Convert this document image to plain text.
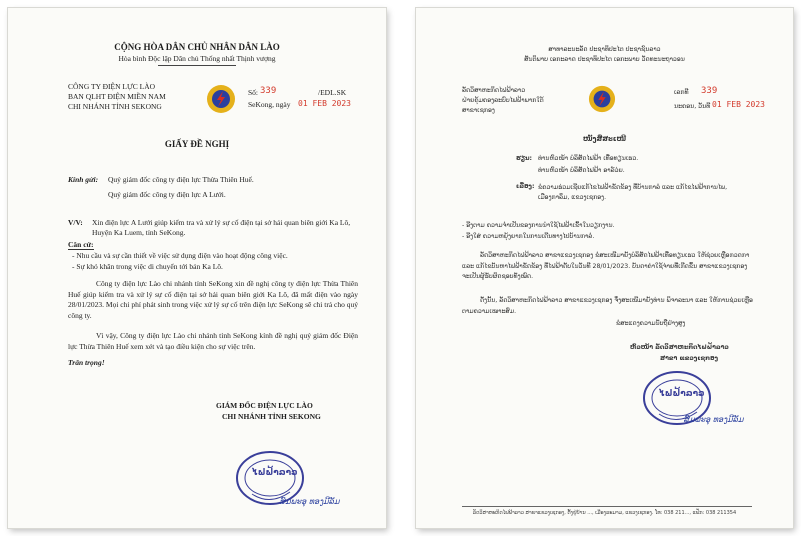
CỘNG HÒA DÂN CHỦ NHÂN DÂN LÀO
Hòa bình Độc lập Dân chủ Thống nhất Thịnh vượng
CÔNG TY ĐIỆN LỰC LÀO
BAN QLHT ĐIỆN MIỀN NAM
CHI NHÁNH TỈNH SEKONG
Số: 339	/EDL.SK
SeKong, ngày 01 FEB 2023
GIẤY ĐỀ NGHỊ
Kính gửi: Quý giám đốc công ty điện lực Thừa Thiên Huế.
Quý giám đốc công ty điện lực A Lưới.
V/V: Xin điện lực A Lưới giúp kiểm tra và xử lý sự cố điện tại sở hải quan biên giới Ka Lô, Huyện Ka Luem, tỉnh SeKong.
Căn cứ:
- Nhu cầu và sự cần thiết về việc sử dụng điện vào hoạt động công việc.
- Sự khó khăn trong việc di chuyển tới bản Ka Lô.
Công ty điện lực Lào chi nhánh tỉnh SeKong xin đề nghị công ty điện lực Thừa Thiên Huế giúp kiểm tra và xử lý sự cố điện tại sở hải quan biên giới Ka Lô, đã mất điện vào ngày 28/01/2023. Mọi chi phí phát sinh trong việc xử lý sự cố trên điện lực SeKong sẽ chi trả cho quý công ty.
Vì vậy, Công ty điện lực Lào chi nhánh tỉnh SeKong kính đề nghị quý giám đốc Điện lực Thừa Thiên Huế xem xét và tạo điều kiện cho sự việc trên.
Trân trọng!
GIÁM ĐỐC ĐIỆN LỰC LÀO
CHI NHÁNH TỈNH SEKONG
ໄຟຟ້າລາວ
ສົມພະອຸ ທອງມີລັມ
ສາທາລະນະລັດ ປະຊາທິປະໄຕ ປະຊາຊົນລາວ
ສັນຕິພາບ ເອກະລາດ ປະຊາທິປະໄຕ ເອກະພາບ ວັດທະນະຖາວອນ
ລັດວິສາຫະກິດໄຟຟ້າລາວ
ຝ່າຍຄຸ້ມຄອງລະບົບໄຟຟ້າພາກໃຕ້
ສາຂາເຊກອງ
ເລກທີ 339
ນະຄອນ, ວັນທີ 01 FEB 2023
ໜັງສືສະເໜີ
ຮຽນ: ທ່ານຫົວໜ້າ ບໍລິສັດໄຟຟ້າ ເທື່ອທຽນເຮວ.
ທ່ານຫົວໜ້າ ບໍລິສັດໄຟຟ້າ ອາລ໌ວ່ຍ.
ເລື່ອງ: ຂໍຄວາມຮ່ວມເຊີຍແກ້ໄຂໄຟຟ້າຂັດຂ້ອງ ທີ່ບ້ານກາລໍ ແລະ ແກ້ໄຂໄຟຟ້າການໄພ, ເມືອງກາລຶມ, ແຂວງເຊກອງ.
- ອີງຕາມ ຄວາມຈຳເປັນຂອງການນຳໃຊ້ໄຟຟ້າເຂົ້າໃນວຽກງານ.
- ອີງໃສ່ ຄວາມຫຍຸ້ງຍາກໃນການເດີນທາງໄປບ້ານກາລໍ.
ລັດວິສາຫະກິດໄຟຟ້າລາວ ສາຂາແຂວງເຊກອງ ຂໍສະເໜີມາຍັງບໍລິສັດໄຟຟ້າເທື່ອທຽນເຮວ ໃຫ້ຊ່ວຍເຫຼືອກວດກາ ແລະ ແກ້ໄຂບັນຫາໄຟຟ້າຂັດຂ້ອງ ທີ່ໄຟຟ້າດັບໃນວັນທີ 28/01/2023. ບັນດາຄ່າໃຊ້ຈ່າຍທີ່ເກີດຂຶ້ນ ສາຂາແຂວງເຊກອງ ຈະເປັນຜູ້ຮັບຜິດຊອບທັງໝົດ.
ດັ່ງນັ້ນ, ລັດວິສາຫະກິດໄຟຟ້າລາວ ສາຂາແຂວງເຊກອງ ຈຶ່ງສະເໜີມາຍັງທ່ານ ພິຈາລະນາ ແລະ ໃຫ້ການຊ່ວຍເຫຼືອຕາມຄວາມເໝາະສົມ.
ຂໍສະແດງຄວາມນັບຖືຢ່າງສູງ
ຫົວໜ້າ ລັດວິສາຫະກິດໄຟຟ້າລາວ
ສາຂາ ແຂວງເຊກອງ
ໄຟຟ້າລາວ
ສົມພະອຸ ທອງມີລັມ
ລັດວິສາຫະກິດໄຟຟ້າລາວ ສາຂາແຂວງເຊກອງ, ຕັ້ງຢູ່ບ້ານ ..., ເມືອງລະມາມ, ແຂວງເຊກອງ. ໂທ: 038 211..., ແຟັກ: 038 211354
